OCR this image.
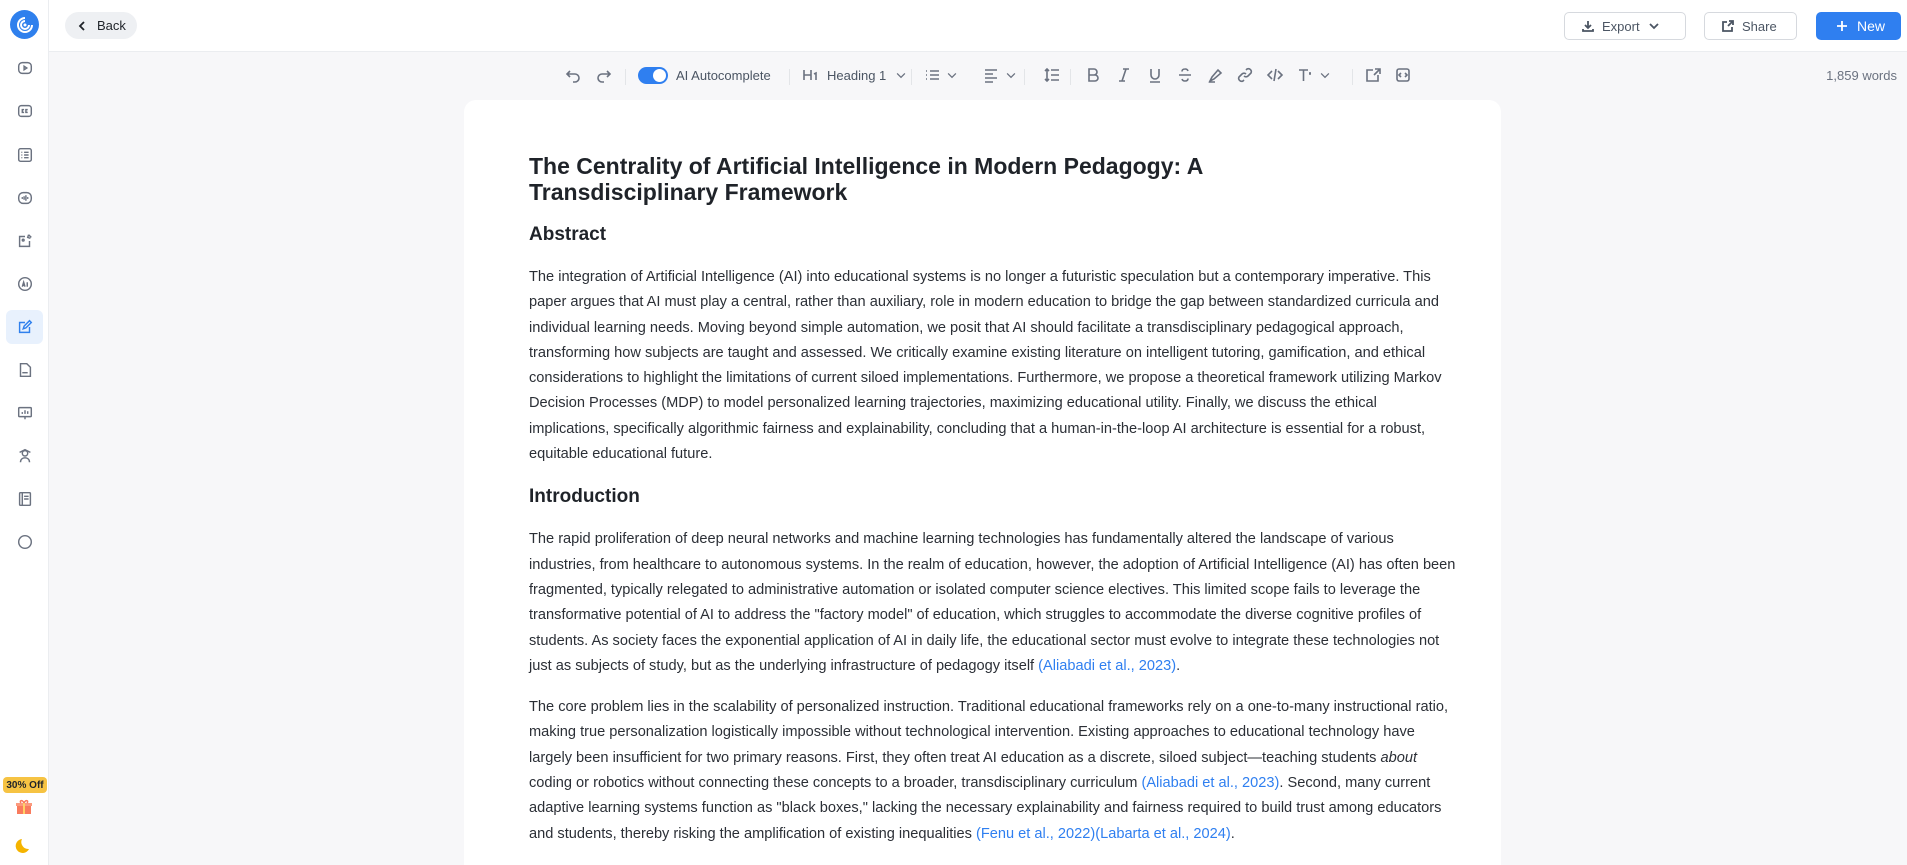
30% Off
Back	Export	Share	New
AI Autocomplete	Heading 1	1,859 words
The Centrality of Artificial Intelligence in Modern Pedagogy: A Transdisciplinary Framework
Abstract

The integration of Artificial Intelligence (AI) into educational systems is no longer a futuristic speculation but a contemporary imperative. This paper argues that AI must play a central, rather than auxiliary, role in modern education to bridge the gap between standardized curricula and individual learning needs. Moving beyond simple automation, we posit that AI should facilitate a transdisciplinary pedagogical approach, transforming how subjects are taught and assessed. We critically examine existing literature on intelligent tutoring, gamification, and ethical considerations to highlight the limitations of current siloed implementations. Furthermore, we propose a theoretical framework utilizing Markov Decision Processes (MDP) to model personalized learning trajectories, maximizing educational utility. Finally, we discuss the ethical implications, specifically algorithmic fairness and explainability, concluding that a human-in-the-loop AI architecture is essential for a robust, equitable educational future.

Introduction

The rapid proliferation of deep neural networks and machine learning technologies has fundamentally altered the landscape of various industries, from healthcare to autonomous systems. In the realm of education, however, the adoption of Artificial Intelligence (AI) has often been fragmented, typically relegated to administrative automation or isolated computer science electives. This limited scope fails to leverage the transformative potential of AI to address the "factory model" of education, which struggles to accommodate the diverse cognitive profiles of students. As society faces the exponential application of AI in daily life, the educational sector must evolve to integrate these technologies not just as subjects of study, but as the underlying infrastructure of pedagogy itself (Aliabadi et al., 2023).

The core problem lies in the scalability of personalized instruction. Traditional educational frameworks rely on a one-to-many instructional ratio, making true personalization logistically impossible without technological intervention. Existing approaches to educational technology have largely been insufficient for two primary reasons. First, they often treat AI education as a discrete, siloed subject—teaching students about coding or robotics without connecting these concepts to a broader, transdisciplinary curriculum (Aliabadi et al., 2023). Second, many current adaptive learning systems function as "black boxes," lacking the necessary explainability and fairness required to build trust among educators and students, thereby risking the amplification of existing inequalities (Fenu et al., 2022)(Labarta et al., 2024).
